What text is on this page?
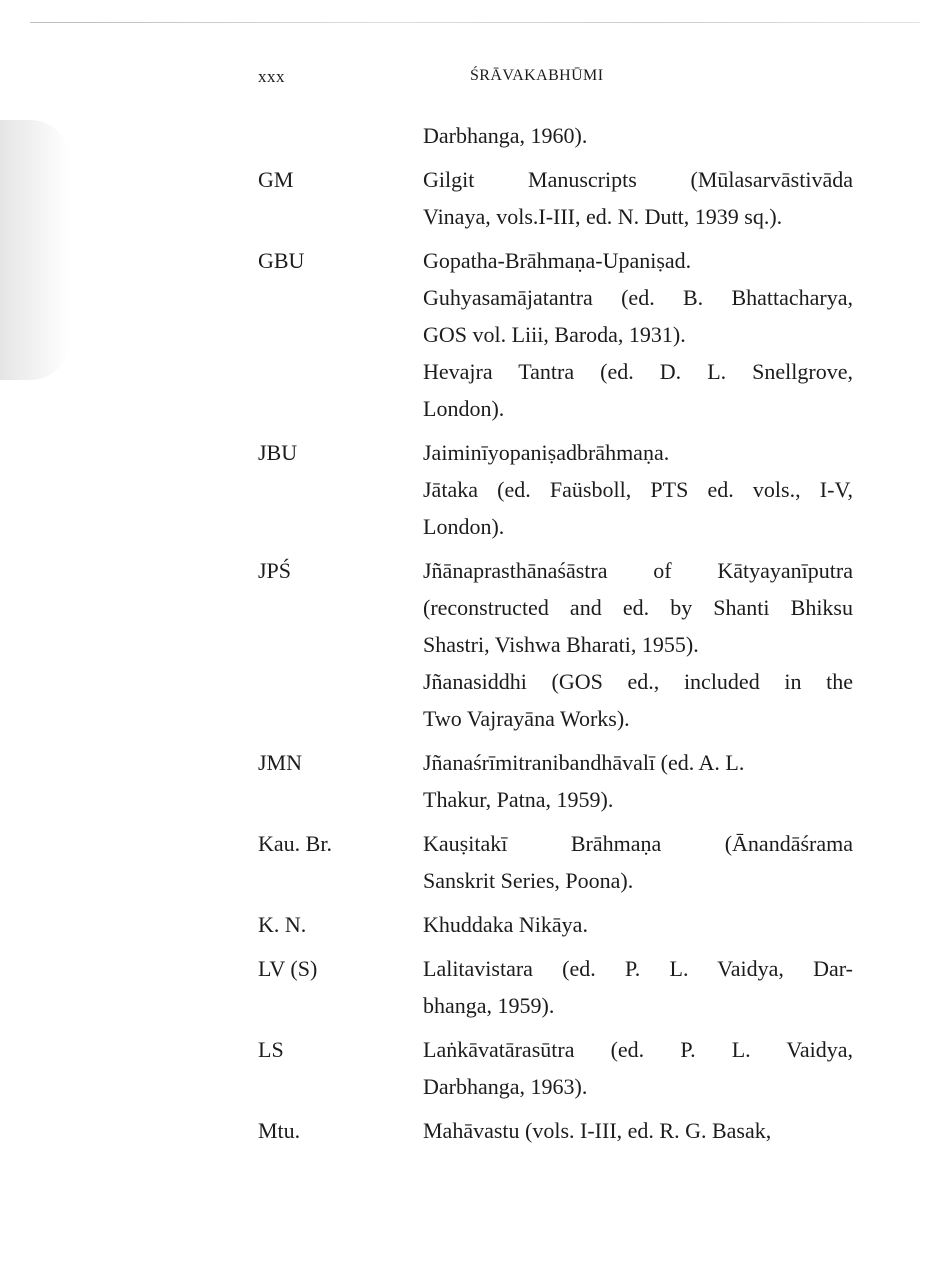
xxx	ŚRĀVAKABHŪMI
Darbhanga, 1960).
GM	Gilgit Manuscripts (Mūlasarvāstivāda
Vinaya, vols.I-III, ed. N. Dutt, 1939 sq.).
GBU	Gopatha-Brāhmaṇa-Upaniṣad.
Guhyasamājatantra (ed. B. Bhattacharya,
GOS vol. Liii, Baroda, 1931).
Hevajra Tantra (ed. D. L. Snellgrove,
London).
JBU	Jaiminīyopaniṣadbrāhmaṇa.
Jātaka (ed. Faüsboll, PTS ed. vols., I-V,
London).
JPŚ	Jñānaprasthānaśāstra of Kātyayanīputra
(reconstructed and ed. by Shanti Bhiksu
Shastri, Vishwa Bharati, 1955).
Jñanasiddhi (GOS ed., included in the
Two Vajrayāna Works).
JMN	Jñanaśrīmitranibandhāvalī (ed. A. L.
Thakur, Patna, 1959).
Kau. Br.	Kauṣitakī Brāhmaṇa (Ānandāśrama
Sanskrit Series, Poona).
K. N.	Khuddaka Nikāya.
LV (S)	Lalitavistara (ed. P. L. Vaidya, Dar-
bhanga, 1959).
LS	Laṅkāvatārasūtra (ed. P. L. Vaidya,
Darbhanga, 1963).
Mtu.	Mahāvastu (vols. I-III, ed. R. G. Basak,
